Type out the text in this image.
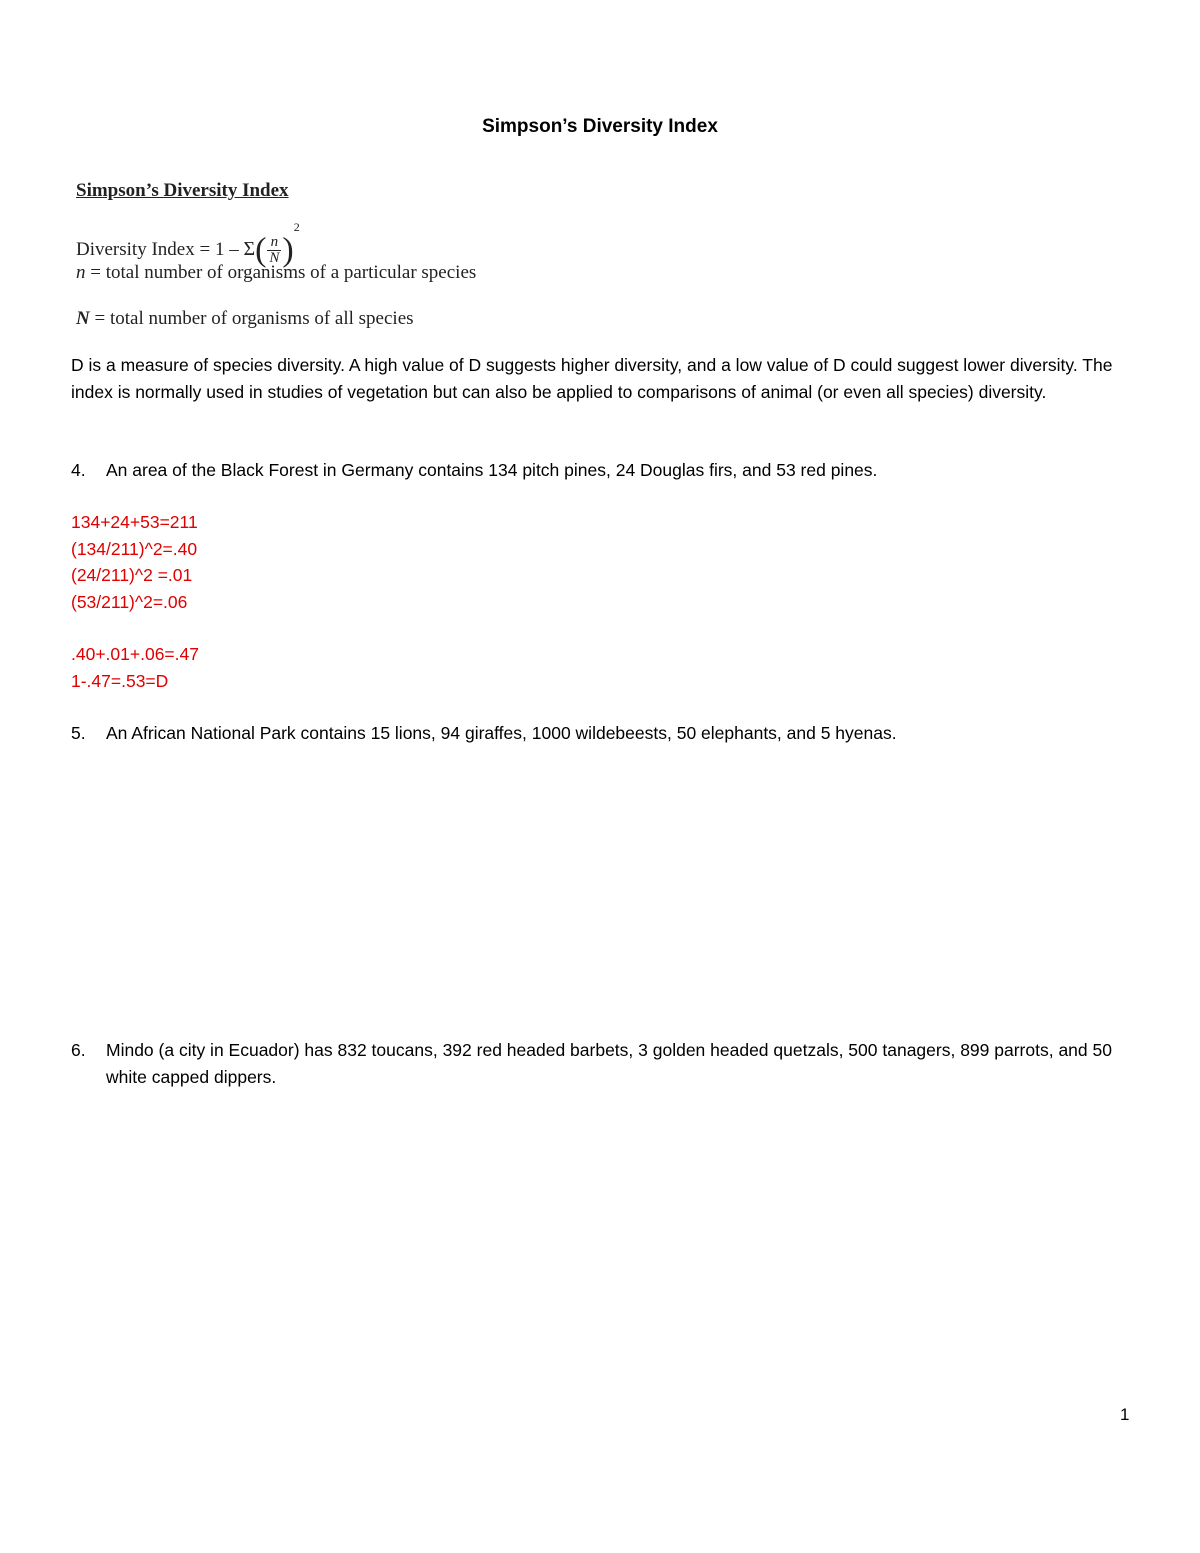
Simpson’s Diversity Index
Simpson’s Diversity Index
Diversity Index = $1 - \Sigma( \frac{n}{N} )^2$
n = total number of organisms of a particular species
N = total number of organisms of all species
D is a measure of species diversity. A high value of D suggests higher diversity, and a low value of D could suggest lower diversity. The index is normally used in studies of vegetation but can also be applied to comparisons of animal (or even all species) diversity.
4. An area of the Black Forest in Germany contains 134 pitch pines, 24 Douglas firs, and 53 red pines.
134+24+53=211
(134/211)^2=.40
(24/211)^2 =.01
(53/211)^2=.06
.40+.01+.06=.47
1-.47=.53=D
5. An African National Park contains 15 lions, 94 giraffes, 1000 wildebeests, 50 elephants, and 5 hyenas.
6. Mindo (a city in Ecuador) has 832 toucans, 392 red headed barbets, 3 golden headed quetzals, 500 tanagers, 899 parrots, and 50 white capped dippers.
1
